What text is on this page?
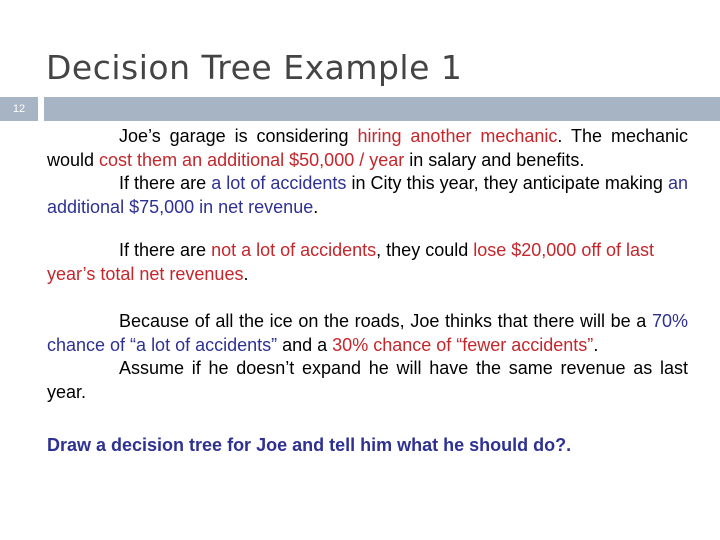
Decision Tree Example 1
12

Joe’s garage is considering hiring another mechanic. The mechanic would cost them an additional $50,000 / year in salary and benefits.

If there are a lot of accidents in City this year, they anticipate making an additional $75,000 in net revenue.

If there are not a lot of accidents, they could lose $20,000 off of last year’s total net revenues.

Because of all the ice on the roads, Joe thinks that there will be a 70% chance of “a lot of accidents” and a 30% chance of “fewer accidents”.

Assume if he doesn’t expand he will have the same revenue as last year.

Draw a decision tree for Joe and tell him what he should do?.
